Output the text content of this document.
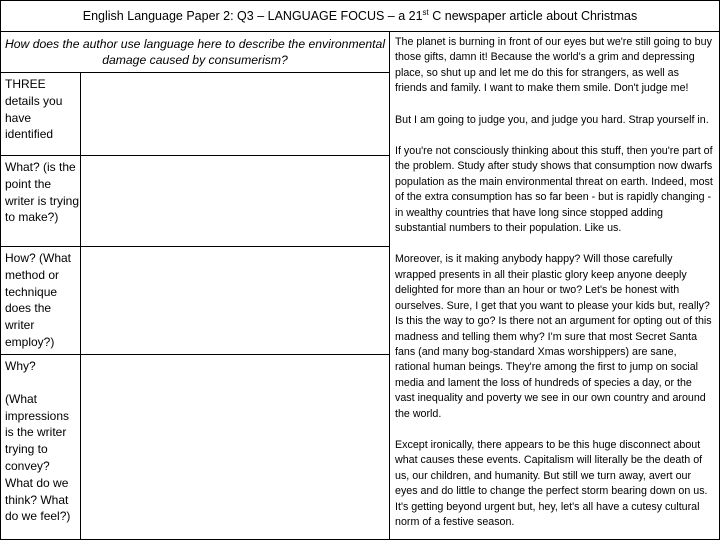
English Language Paper 2: Q3 – LANGUAGE FOCUS – a 21st C newspaper article about Christmas
How does the author use language here to describe the environmental damage caused by consumerism?
THREE details you have identified
What? (is the point the writer is trying to make?)
How? (What method or technique does the writer employ?)
Why?
(What impressions is the writer trying to convey? What do we think? What do we feel?)

The planet is burning in front of our eyes but we're still going to buy those gifts, damn it! Because the world's a grim and depressing place, so shut up and let me do this for strangers, as well as friends and family. I want to make them smile. Don't judge me!

But I am going to judge you, and judge you hard. Strap yourself in.

If you're not consciously thinking about this stuff, then you're part of the problem. Study after study shows that consumption now dwarfs population as the main environmental threat on earth. Indeed, most of the extra consumption has so far been - but is rapidly changing - in wealthy countries that have long since stopped adding substantial numbers to their population. Like us.

Moreover, is it making anybody happy? Will those carefully wrapped presents in all their plastic glory keep anyone deeply delighted for more than an hour or two? Let's be honest with ourselves. Sure, I get that you want to please your kids but, really? Is this the way to go? Is there not an argument for opting out of this madness and telling them why? I'm sure that most Secret Santa fans (and many bog-standard Xmas worshippers) are sane, rational human beings. They're among the first to jump on social media and lament the loss of hundreds of species a day, or the vast inequality and poverty we see in our own country and around the world.

Except ironically, there appears to be this huge disconnect about what causes these events. Capitalism will literally be the death of us, our children, and humanity. But still we turn away, avert our eyes and do little to change the perfect storm bearing down on us. It's getting beyond urgent but, hey, let's all have a cutesy cultural norm of a festive season.
